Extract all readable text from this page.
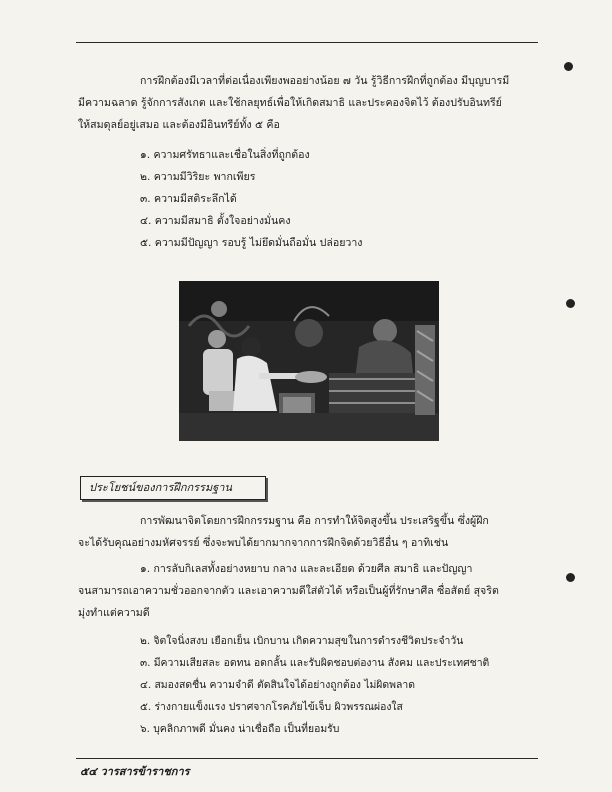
การฝึกต้องมีเวลาที่ต่อเนื่องเพียงพออย่างน้อย ๗ วัน รู้วิธีการฝึกที่ถูกต้อง มีบุญบารมี
มีความฉลาด รู้จักการสังเกต และใช้กลยุทธ์เพื่อให้เกิดสมาธิ และประคองจิตไว้ ต้องปรับอินทรีย์
ให้สมดุลย์อยู่เสมอ และต้องมีอินทรีย์ทั้ง ๕ คือ
๑. ความศรัทธาและเชื่อในสิ่งที่ถูกต้อง
๒. ความมีวิริยะ พากเพียร
๓. ความมีสติระลึกได้
๔. ความมีสมาธิ ตั้งใจอย่างมั่นคง
๕. ความมีปัญญา รอบรู้ ไม่ยึดมั่นถือมั่น ปล่อยวาง
ประโยชน์ของการฝึกกรรมฐาน
การพัฒนาจิตโดยการฝึกกรรมฐาน คือ การทำให้จิตสูงขึ้น ประเสริฐขึ้น ซึ่งผู้ฝึก
จะได้รับคุณอย่างมหัศจรรย์ ซึ่งจะพบได้ยากมากจากการฝึกจิตด้วยวิธีอื่น ๆ อาทิเช่น
๑. การลับกิเลสทั้งอย่างหยาบ กลาง และละเอียด ด้วยศีล สมาธิ และปัญญา
จนสามารถเอาความชั่วออกจากตัว และเอาความดีใส่ตัวได้ หรือเป็นผู้ที่รักษาศีล ซื่อสัตย์ สุจริต
มุ่งทำแต่ความดี
๒. จิตใจนิ่งสงบ เยือกเย็น เบิกบาน เกิดความสุขในการดำรงชีวิตประจำวัน
๓. มีความเสียสละ อดทน อดกลั้น และรับผิดชอบต่องาน สังคม และประเทศชาติ
๔. สมองสดชื่น ความจำดี ตัดสินใจได้อย่างถูกต้อง ไม่ผิดพลาด
๕. ร่างกายแข็งแรง ปราศจากโรคภัยไข้เจ็บ ผิวพรรณผ่องใส
๖. บุคลิกภาพดี มั่นคง น่าเชื่อถือ เป็นที่ยอมรับ
๕๔ วารสารข้าราชการ
